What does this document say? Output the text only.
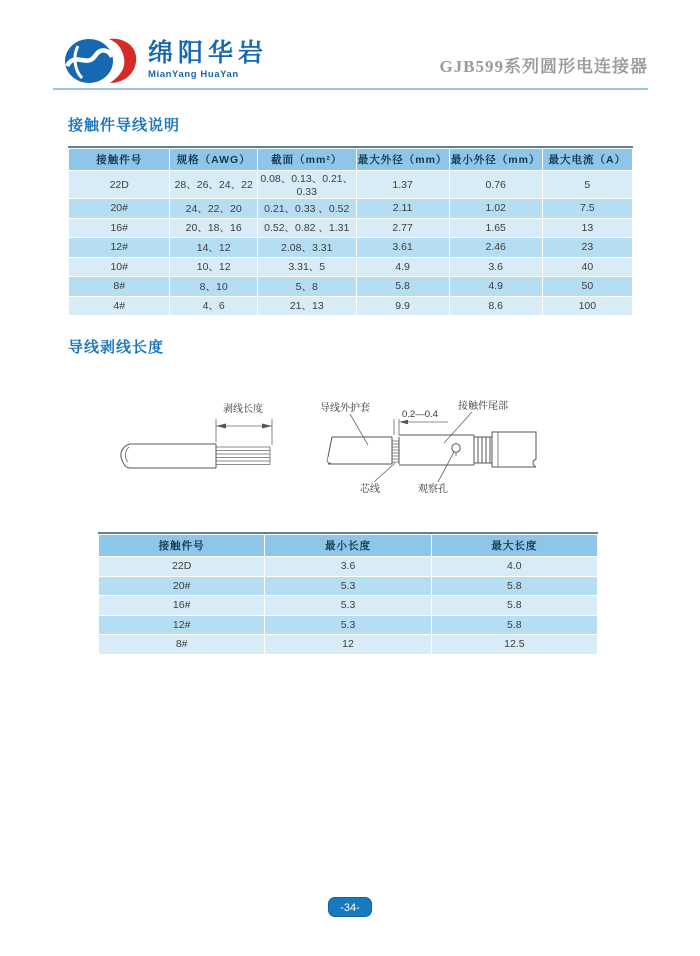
绵阳华岩
MianYang HuaYan	GJB599系列圆形电连接器
接触件导线说明
接触件号	规格（AWG）	截面（mm²）	最大外径（mm）	最小外径（mm）	最大电流（A）
22D	28、26、24、22	0.08、0.13、0.21、0.33	1.37	0.76	5
20#	24、22、20	0.21、0.33 、0.52	2.11	1.02	7.5
16#	20、18、16	0.52、0.82 、1.31	2.77	1.65	13
12#	14、12	2.08、3.31	3.61	2.46	23
10#	10、12	3.31、5	4.9	3.6	40
8#	8、10	5、8	5.8	4.9	50
4#	4、6	21、13	9.9	8.6	100
导线剥线长度
剥线长度	导线外护套
0.2—0.4
接触件尾部
芯线	观察孔
接触件号	最小长度	最大长度
22D	3.6	4.0
20#	5.3	5.8
16#	5.3	5.8
12#	5.3	5.8
8#	12	12.5
-34-
